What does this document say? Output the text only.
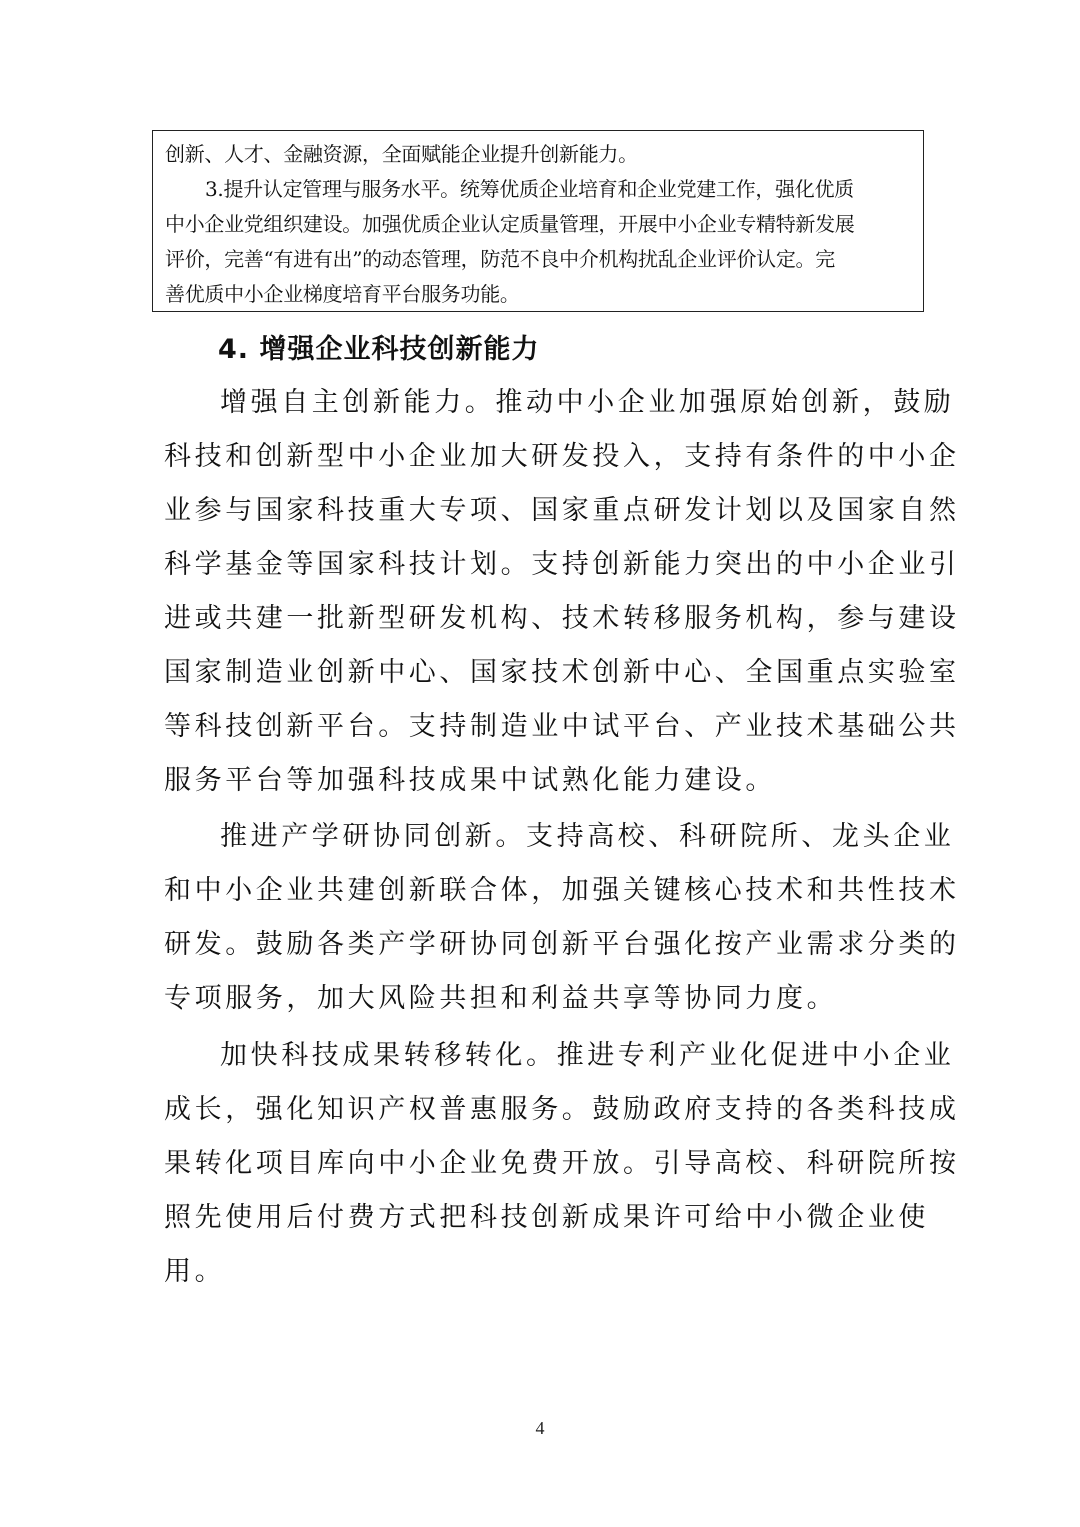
创新、人才、金融资源，全面赋能企业提升创新能力。
3.提升认定管理与服务水平。统筹优质企业培育和企业党建工作，强化优质
中小企业党组织建设。加强优质企业认定质量管理，开展中小企业专精特新发展
评价，完善“有进有出”的动态管理，防范不良中介机构扰乱企业评价认定。完
善优质中小企业梯度培育平台服务功能。
4. 增强企业科技创新能力
增强自主创新能力。推动中小企业加强原始创新，鼓励
科技和创新型中小企业加大研发投入，支持有条件的中小企
业参与国家科技重大专项、国家重点研发计划以及国家自然
科学基金等国家科技计划。支持创新能力突出的中小企业引
进或共建一批新型研发机构、技术转移服务机构，参与建设
国家制造业创新中心、国家技术创新中心、全国重点实验室
等科技创新平台。支持制造业中试平台、产业技术基础公共
服务平台等加强科技成果中试熟化能力建设。
推进产学研协同创新。支持高校、科研院所、龙头企业
和中小企业共建创新联合体，加强关键核心技术和共性技术
研发。鼓励各类产学研协同创新平台强化按产业需求分类的
专项服务，加大风险共担和利益共享等协同力度。
加快科技成果转移转化。推进专利产业化促进中小企业
成长，强化知识产权普惠服务。鼓励政府支持的各类科技成
果转化项目库向中小企业免费开放。引导高校、科研院所按
照先使用后付费方式把科技创新成果许可给中小微企业使
用。
4
